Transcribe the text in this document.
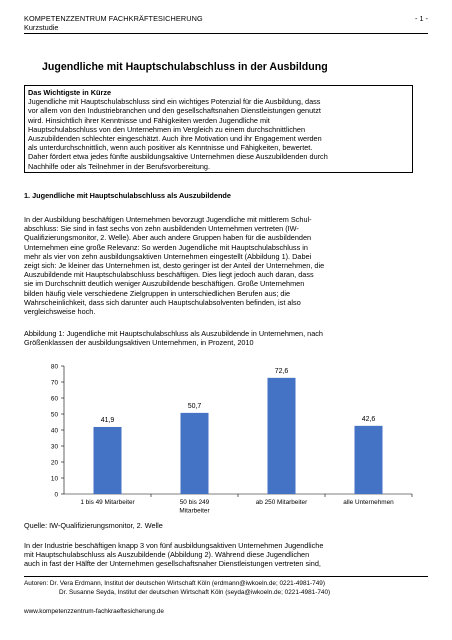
KOMPETENZZENTRUM FACHKRÄFTESICHERUNG
Kurzstudie
- 1 -
Jugendliche mit Hauptschulabschluss in der Ausbildung
Das Wichtigste in Kürze
Jugendliche mit Hauptschulabschluss sind ein wichtiges Potenzial für die Ausbildung, dass
vor allem von den Industriebranchen und den gesellschaftsnahen Dienstleistungen genutzt
wird. Hinsichtlich ihrer Kenntnisse und Fähigkeiten werden Jugendliche mit
Hauptschulabschluss von den Unternehmen im Vergleich zu einem durchschnittlichen
Auszubildenden schlechter eingeschätzt. Auch ihre Motivation und ihr Engagement werden
als unterdurchschnittlich, wenn auch positiver als Kenntnisse und Fähigkeiten, bewertet.
Daher fördert etwa jedes fünfte ausbildungsaktive Unternehmen diese Auszubildenden durch
Nachhilfe oder als Teilnehmer in der Berufsvorbereitung.
1. Jugendliche mit Hauptschulabschluss als Auszubildende
In der Ausbildung beschäftigen Unternehmen bevorzugt Jugendliche mit mittlerem Schul-
abschluss: Sie sind in fast sechs von zehn ausbildenden Unternehmen vertreten (IW-
Qualifizierungsmonitor, 2. Welle). Aber auch andere Gruppen haben für die ausbildenden
Unternehmen eine große Relevanz: So werden Jugendliche mit Hauptschulabschluss in
mehr als vier von zehn ausbildungsaktiven Unternehmen eingestellt (Abbildung 1). Dabei
zeigt sich: Je kleiner das Unternehmen ist, desto geringer ist der Anteil der Unternehmen, die
Auszubildende mit Hauptschulabschluss beschäftigen. Dies liegt jedoch auch daran, dass
sie im Durchschnitt deutlich weniger Auszubildende beschäftigen. Große Unternehmen
bilden häufig viele verschiedene Zielgruppen in unterschiedlichen Berufen aus; die
Wahrscheinlichkeit, dass sich darunter auch Hauptschulabsolventen befinden, ist also
vergleichsweise hoch.
Abbildung 1: Jugendliche mit Hauptschulabschluss als Auszubildende in Unternehmen, nach
Größenklassen der ausbildungsaktiven Unternehmen, in Prozent, 2010
0
10
20
30
40
50
60
70
80
41,9
1 bis 49 Mitarbeiter
50,7
50 bis 249
Mitarbeiter
72,6
ab 250 Mitarbeiter
42,6
alle Unternehmen
Quelle: IW-Qualifizierungsmonitor, 2. Welle
In der Industrie beschäftigen knapp 3 von fünf ausbildungsaktiven Unternehmen Jugendliche
mit Hauptschulabschluss als Auszubildende (Abbildung 2). Während diese Jugendlichen
auch in fast der Hälfte der Unternehmen gesellschaftsnaher Dienstleistungen vertreten sind,
Autoren: Dr. Vera Erdmann, Institut der deutschen Wirtschaft Köln (erdmann@iwkoeln.de; 0221-4981-749)
Dr. Susanne Seyda, Institut der deutschen Wirtschaft Köln (seyda@iwkoeln.de; 0221-4981-740)
www.kompetenzzentrum-fachkraeftesicherung.de
